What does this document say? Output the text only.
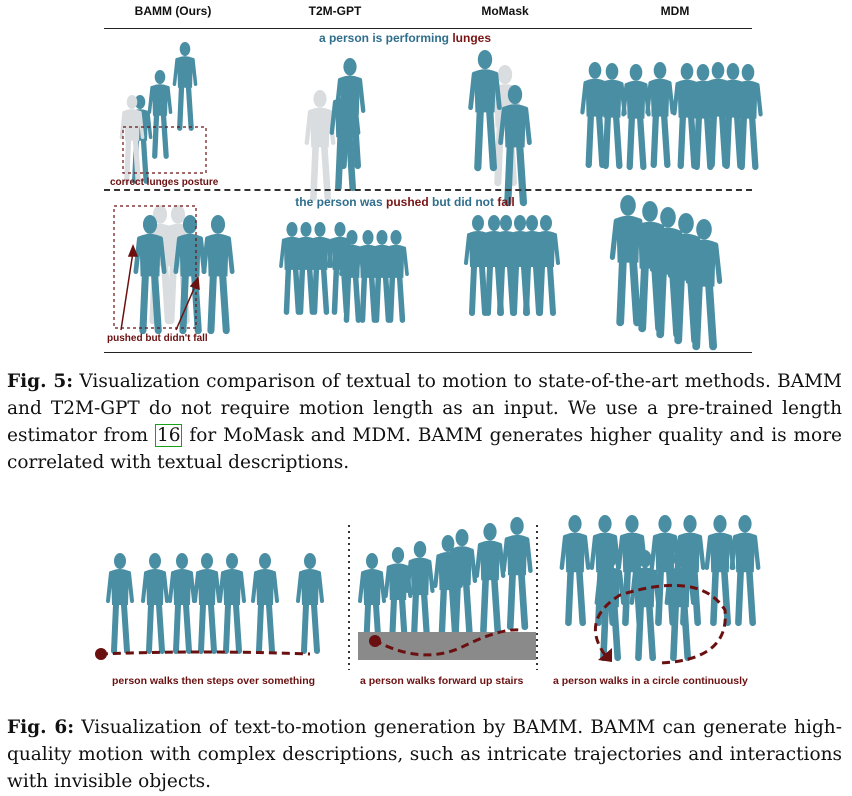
BAMM (Ours)	T2M-GPT	MoMask	MDM
a person is performing lunges
correct lunges posture
the person was pushed but did not fall
pushed but didn't fall
Fig. 5: Visualization comparison of textual to motion to state-of-the-art methods. BAMM and T2M-GPT do not require motion length as an input. We use a pre-trained length estimator from 16 for MoMask and MDM. BAMM generates higher quality and is more correlated with textual descriptions.
person walks then steps over something	a person walks forward up stairs	a person walks in a circle continuously
Fig. 6: Visualization of text-to-motion generation by BAMM. BAMM can generate high-quality motion with complex descriptions, such as intricate trajectories and interactions with invisible objects.
